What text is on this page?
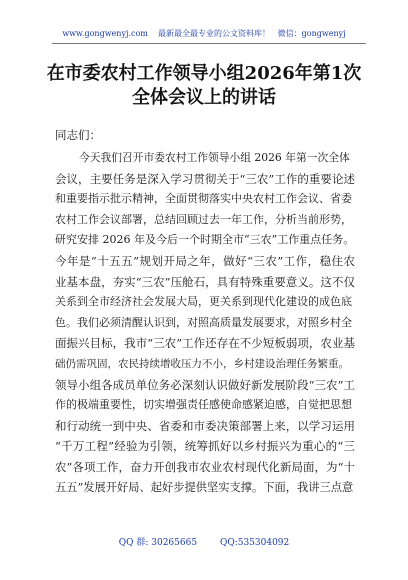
www.gongwenyj.com    最新最全最专业的公文资料库！   微信：gongwenyj
在市委农村工作领导小组2026年第1次
全体会议上的讲话
同志们：
今天我们召开市委农村工作领导小组 2026 年第一次全体
会议，主要任务是深入学习贯彻关于“三农”工作的重要论述
和重要指示批示精神，全面贯彻落实中央农村工作会议、省委
农村工作会议部署，总结回顾过去一年工作，分析当前形势，
研究安排 2026 年及今后一个时期全市“三农”工作重点任务。
今年是“十五五”规划开局之年，做好“三农”工作，稳住农
业基本盘，夯实“三农”压舱石，具有特殊重要意义。这不仅
关系到全市经济社会发展大局，更关系到现代化建设的成色底
色。我们必须清醒认识到，对照高质量发展要求，对照乡村全
面振兴目标，我市“三农”工作还存在不少短板弱项，农业基
础仍需巩固，农民持续增收压力不小，乡村建设治理任务繁重。
领导小组各成员单位务必深刻认识做好新发展阶段“三农”工
作的极端重要性，切实增强责任感使命感紧迫感，自觉把思想
和行动统一到中央、省委和市委决策部署上来，以学习运用
“千万工程”经验为引领，统筹抓好以乡村振兴为重心的“三
农”各项工作，奋力开创我市农业农村现代化新局面，为“十
五五”发展开好局、起好步提供坚实支撑。下面，我讲三点意
QQ 群: 30265665        QQ:535304092
